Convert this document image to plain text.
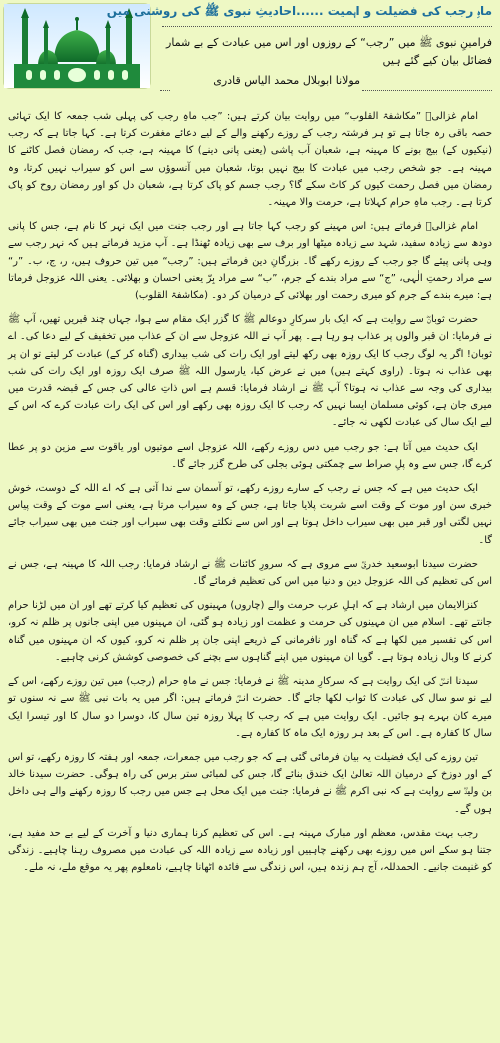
ماہِ رجب کی فضیلت و اہمیت ......احادیثِ نبوی ﷺ کی روشنی میں
فرامینِ نبوی ﷺ میں ”رجب“ کے روزوں اور اس میں عبادت کے بے شمار فضائل بیان کیے گئے ہیں
مولانا ابوبلال محمد الیاس قادری

امام غزالیؒ ”مکاشفۃ القلوب“ میں روایت بیان کرتے ہیں: ”جب ماہِ رجب کی پہلی شب جمعہ کا ایک تہائی حصہ باقی رہ جاتا ہے تو ہر فرشتہ رجب کے روزے رکھنے والے کے لیے دعائے مغفرت کرتا ہے۔ کہا جاتا ہے کہ رجب (نیکیوں کے) بیج بونے کا مہینہ ہے، شعبان آب پاشی (یعنی پانی دینے) کا مہینہ ہے، جب کہ رمضان فصل کاٹنے کا مہینہ ہے۔ جو شخص رجب میں عبادت کا بیج نہیں بوتا، شعبان میں آنسوؤں سے اس کو سیراب نہیں کرتا، وہ رمضان میں فصل رحمت کیوں کر کاٹ سکے گا؟ رجب جسم کو پاک کرتا ہے، شعبان دل کو اور رمضان روح کو پاک کرتا ہے۔ رجب ماہِ حرام کہلاتا ہے، حرمت والا مہینہ۔

امام غزالیؒ فرماتے ہیں: اس مہینے کو رجب کہا جاتا ہے اور رجب جنت میں ایک نہر کا نام ہے، جس کا پانی دودھ سے زیادہ سفید، شہد سے زیادہ میٹھا اور برف سے بھی زیادہ ٹھنڈا ہے۔ آپ مزید فرماتے ہیں کہ نہر رجب سے وہی پانی پیئے گا جو رجب کے روزے رکھے گا۔ بزرگانِ دین فرماتے ہیں: ”رجب“ میں تین حروف ہیں، ر، ج، ب۔ ”ر“ سے مراد رحمتِ الٰہی، ”ج“ سے مراد بندے کے جرم، ”ب“ سے مراد بِرّ یعنی احسان و بھلائی۔ یعنی اللہ عزوجل فرماتا ہے: میرے بندے کے جرم کو میری رحمت اور بھلائی کے درمیان کر دو۔ (مکاشفۃ القلوب)

حضرت ثوبانؓ سے روایت ہے کہ ایک بار سرکارِ دوعالم ﷺ کا گزر ایک مقام سے ہوا، جہاں چند قبریں تھیں، آپ ﷺ نے فرمایا: ان قبر والوں پر عذاب ہو رہا ہے۔ پھر آپ نے اللہ عزوجل سے ان کے عذاب میں تخفیف کے لیے دعا کی۔ اے ثوبان! اگر یہ لوگ رجب کا ایک روزہ بھی رکھ لیتے اور ایک رات کی شب بیداری (گناہ کر کے) عبادت کر لیتے تو ان پر بھی عذاب نہ ہوتا۔ (راوی کہتے ہیں) میں نے عرض کیا، یارسول اللہ ﷺ صرف ایک روزہ اور ایک رات کی شب بیداری کی وجہ سے عذاب نہ ہوتا؟ آپ ﷺ نے ارشاد فرمایا: قسم ہے اس ذاتِ عالی کی جس کے قبضہ قدرت میں میری جان ہے، کوئی مسلمان ایسا نہیں کہ رجب کا ایک روزہ بھی رکھے اور اس کی ایک رات عبادت کرے کہ اس کے لیے ایک سال کی عبادت لکھی نہ جائے۔

ایک حدیث میں آتا ہے: جو رجب میں دس روزے رکھے، اللہ عزوجل اسے موتیوں اور یاقوت سے مزین دو پر عطا کرے گا، جس سے وہ پلِ صراط سے چمکتی ہوئی بجلی کی طرح گزر جائے گا۔

ایک حدیث میں ہے کہ جس نے رجب کے سارے روزے رکھے، تو آسمان سے ندا آتی ہے کہ اے اللہ کے دوست، خوش خبری سن اور موت کے وقت اسے شربت پلایا جاتا ہے، جس کے وہ سیراب مرتا ہے، یعنی اسے موت کے وقت پیاس نہیں لگتی اور قبر میں بھی سیراب داخل ہوتا ہے اور اس سے نکلتے وقت بھی سیراب اور جنت میں بھی سیراب جائے گا۔

حضرت سیدنا ابوسعید خدریؓ سے مروی ہے کہ سرورِ کائنات ﷺ نے ارشاد فرمایا: رجب اللہ کا مہینہ ہے، جس نے اس کی تعظیم کی اللہ عزوجل دین و دنیا میں اس کی تعظیم فرمائے گا۔

کنزالایمان میں ارشاد ہے کہ اہلِ عرب حرمت والے (چاروں) مہینوں کی تعظیم کیا کرتے تھے اور ان میں لڑنا حرام جانتے تھے۔ اسلام میں ان مہینوں کی حرمت و عظمت اور زیادہ ہو گئی، ان مہینوں میں اپنی جانوں پر ظلم نہ کرو، اس کی تفسیر میں لکھا ہے کہ گناہ اور نافرمانی کے ذریعے اپنی جان پر ظلم نہ کرو، کیوں کہ ان مہینوں میں گناہ کرنے کا وبال زیادہ ہوتا ہے۔ گویا ان مہینوں میں اپنے گناہوں سے بچنے کی خصوصی کوشش کرنی چاہیے۔

سیدنا انسؓ کی ایک روایت ہے کہ سرکارِ مدینہ ﷺ نے فرمایا: جس نے ماہِ حرام (رجب) میں تین روزے رکھے، اس کے لیے نو سو سال کی عبادت کا ثواب لکھا جائے گا۔ حضرت انسؓ فرماتے ہیں: اگر میں یہ بات نبی ﷺ سے نہ سنوں تو میرے کان بہرے ہو جائیں۔ ایک روایت میں ہے کہ رجب کا پہلا روزہ تین سال کا، دوسرا دو سال کا اور تیسرا ایک سال کا کفارہ ہے۔ اس کے بعد ہر روزہ ایک ماہ کا کفارہ ہے۔

تین روزے کی ایک فضیلت یہ بیان فرمائی گئی ہے کہ جو رجب میں جمعرات، جمعہ اور ہفتہ کا روزہ رکھے، تو اس کے اور دوزخ کے درمیان اللہ تعالیٰ ایک خندق بنائے گا، جس کی لمبائی ستر برس کی راہ ہوگی۔ حضرت سیدنا خالد بن ولیدؓ سے روایت ہے کہ نبی اکرم ﷺ نے فرمایا: جنت میں ایک محل ہے جس میں رجب کا روزہ رکھنے والے ہی داخل ہوں گے۔

رجب بہت مقدس، معظم اور مبارک مہینہ ہے۔ اس کی تعظیم کرنا ہماری دنیا و آخرت کے لیے بے حد مفید ہے، جتنا ہو سکے اس میں روزے بھی رکھنے چاہییں اور زیادہ سے زیادہ اللہ کی عبادت میں مصروف رہنا چاہیے۔ زندگی کو غنیمت جانیے۔ الحمدللہ، آج ہم زندہ ہیں، اس زندگی سے فائدہ اٹھانا چاہیے، نامعلوم پھر یہ موقع ملے، نہ ملے۔
